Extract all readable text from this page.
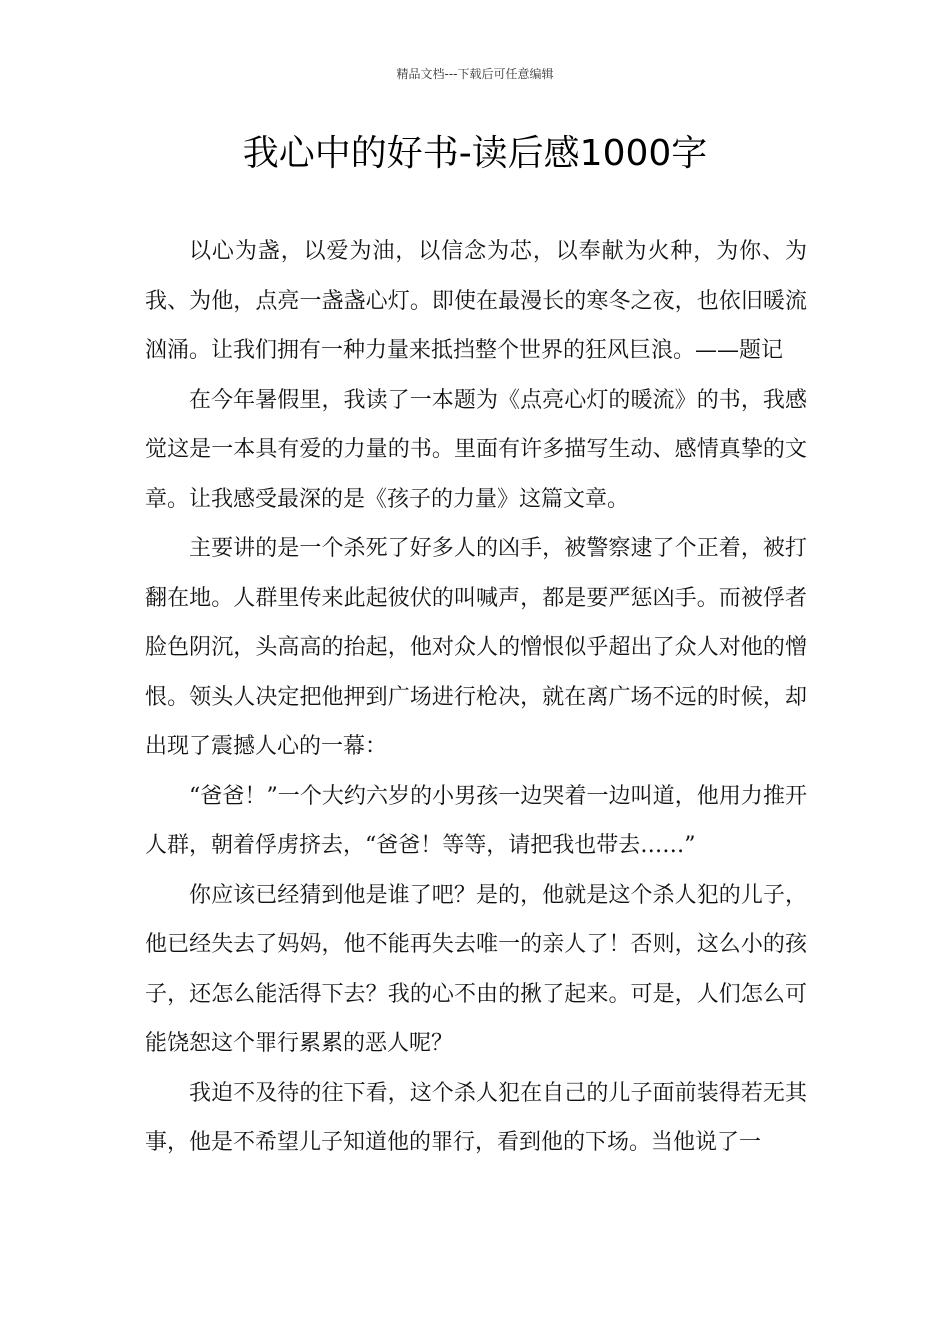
精品文档---下载后可任意编辑
我心中的好书-读后感1000字

以心为盏，以爱为油，以信念为芯，以奉献为火种，为你、为我、为他，点亮一盏盏心灯。即使在最漫长的寒冬之夜，也依旧暖流汹涌。让我们拥有一种力量来抵挡整个世界的狂风巨浪。——题记

在今年暑假里，我读了一本题为《点亮心灯的暖流》的书，我感觉这是一本具有爱的力量的书。里面有许多描写生动、感情真挚的文章。让我感受最深的是《孩子的力量》这篇文章。

主要讲的是一个杀死了好多人的凶手，被警察逮了个正着，被打翻在地。人群里传来此起彼伏的叫喊声，都是要严惩凶手。而被俘者脸色阴沉，头高高的抬起，他对众人的憎恨似乎超出了众人对他的憎恨。领头人决定把他押到广场进行枪决，就在离广场不远的时候，却出现了震撼人心的一幕：

“爸爸！”一个大约六岁的小男孩一边哭着一边叫道，他用力推开人群，朝着俘虏挤去，“爸爸！等等，请把我也带去……”

你应该已经猜到他是谁了吧？是的，他就是这个杀人犯的儿子，他已经失去了妈妈，他不能再失去唯一的亲人了！否则，这么小的孩子，还怎么能活得下去？我的心不由的揪了起来。可是，人们怎么可能饶恕这个罪行累累的恶人呢？

我迫不及待的往下看，这个杀人犯在自己的儿子面前装得若无其事，他是不希望儿子知道他的罪行，看到他的下场。当他说了一
